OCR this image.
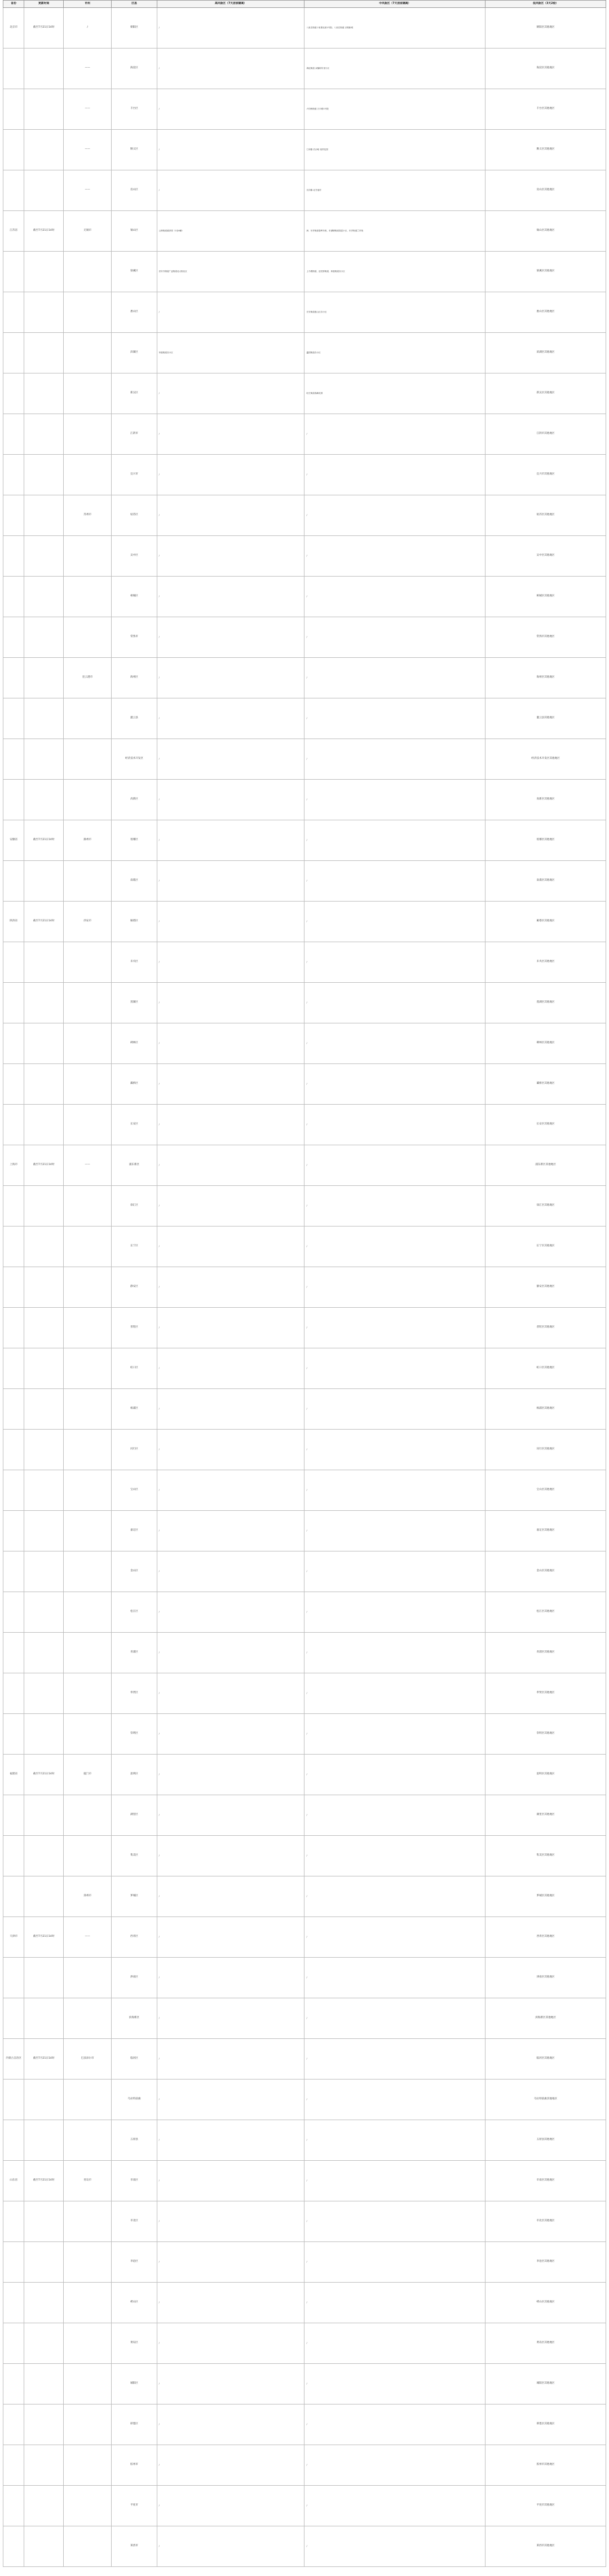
省份	更新时间	市州	区县	高风险区（7天居家隔离）	中风险区（7天居家隔离）	低风险区（3天2检）
北京市	截至7月21日14时	/	朝阳区	/	八里庄街道十里堡北里1号院；八里庄街道 京棉新城	朝阳区其他地区
		——	海淀区	/	海淀街道 双榆树东里小区	海淀区其他地区
		——	丰台区	/	卢沟桥街道 万丰路1号院	丰台区其他地区
		——	顺义区	/	仁和镇 后沙峪 裕祥花园	顺义区其他地区
		——	房山区	/	长沟镇 北甘池村	房山区其他地区
江苏省	截至7月21日14时	无锡市	锡山区	云林街道睿泽园（1至4幢）	润、东亭街道春晖东苑、东湖塘街道春雷小区、东亭街道兰亭苑	锡山区其他地区
			梁溪区	崇安寺街道广益街道北大街社区	上马墩街道、迎龙桥街道、黄巷街道各小区	梁溪区其他地区
			惠山区	/	长安街道惠山区各小区	惠山区其他地区
			滨湖区	荣巷街道各小区	蠡园街道各小区	滨湖区其他地区
			新吴区	/	旺庄街道春潮花园	新吴区其他地区
			江阴市	/	/	江阴市其他地区
			宜兴市	/	/	宜兴市其他地区
		苏州市	姑苏区	/	/	姑苏区其他地区
			吴中区	/	/	吴中区其他地区
			相城区	/	/	相城区其他地区
			常熟市	/	/	常熟市其他地区
		连云港市	海州区	/	/	海州区其他地区
			灌云县	/	/	灌云县其他地区
			经济技术开发区	/	/	经济技术开发区其他地区
			高新区	/	/	高新区其他地区
安徽省	截至7月21日14时	滁州市	琅琊区	/	/	琅琊区其他地区
			南谯区	/	/	南谯区其他地区
陕西省	截至7月21日14时	西安市	雁塔区	/	/	雁塔区其他地区
			未央区	/	/	未央区其他地区
			莲湖区	/	/	莲湖区其他地区
			碑林区	/	/	碑林区其他地区
			灞桥区	/	/	灞桥区其他地区
			长安区	/	/	长安区其他地区
上海市	截至7月21日14时	——	浦东新区	/	/	浦东新区其他地区
			徐汇区	/	/	徐汇区其他地区
			长宁区	/	/	长宁区其他地区
			静安区	/	/	静安区其他地区
			普陀区	/	/	普陀区其他地区
			虹口区	/	/	虹口区其他地区
			杨浦区	/	/	杨浦区其他地区
			闵行区	/	/	闵行区其他地区
			宝山区	/	/	宝山区其他地区
			嘉定区	/	/	嘉定区其他地区
			金山区	/	/	金山区其他地区
			松江区	/	/	松江区其他地区
			青浦区	/	/	青浦区其他地区
			奉贤区	/	/	奉贤区其他地区
			崇明区	/	/	崇明区其他地区
福建省	截至7月21日14时	厦门市	思明区	/	/	思明区其他地区
			湖里区	/	/	湖里区其他地区
			集美区	/	/	集美区其他地区
		漳州市	芗城区	/	/	芗城区其他地区
天津市	截至7月21日14时	——	西青区	/	/	西青区其他地区
			津南区	/	/	津南区其他地区
			滨海新区	/	/	滨海新区其他地区
内蒙古自治区	截至7月21日14时	巴彦淖尔市	临河区	/	/	临河区其他地区
			乌拉特前旗	/	/	乌拉特前旗其他地区
			五原县	/	/	五原县其他地区
山东省	截至7月21日14时	青岛市	市南区	/	/	市南区其他地区
			市北区	/	/	市北区其他地区
			李沧区	/	/	李沧区其他地区
			崂山区	/	/	崂山区其他地区
			黄岛区	/	/	黄岛区其他地区
			城阳区	/	/	城阳区其他地区
			即墨区	/	/	即墨区其他地区
			胶州市	/	/	胶州市其他地区
			平度市	/	/	平度市其他地区
			莱西市	/	/	莱西市其他地区
